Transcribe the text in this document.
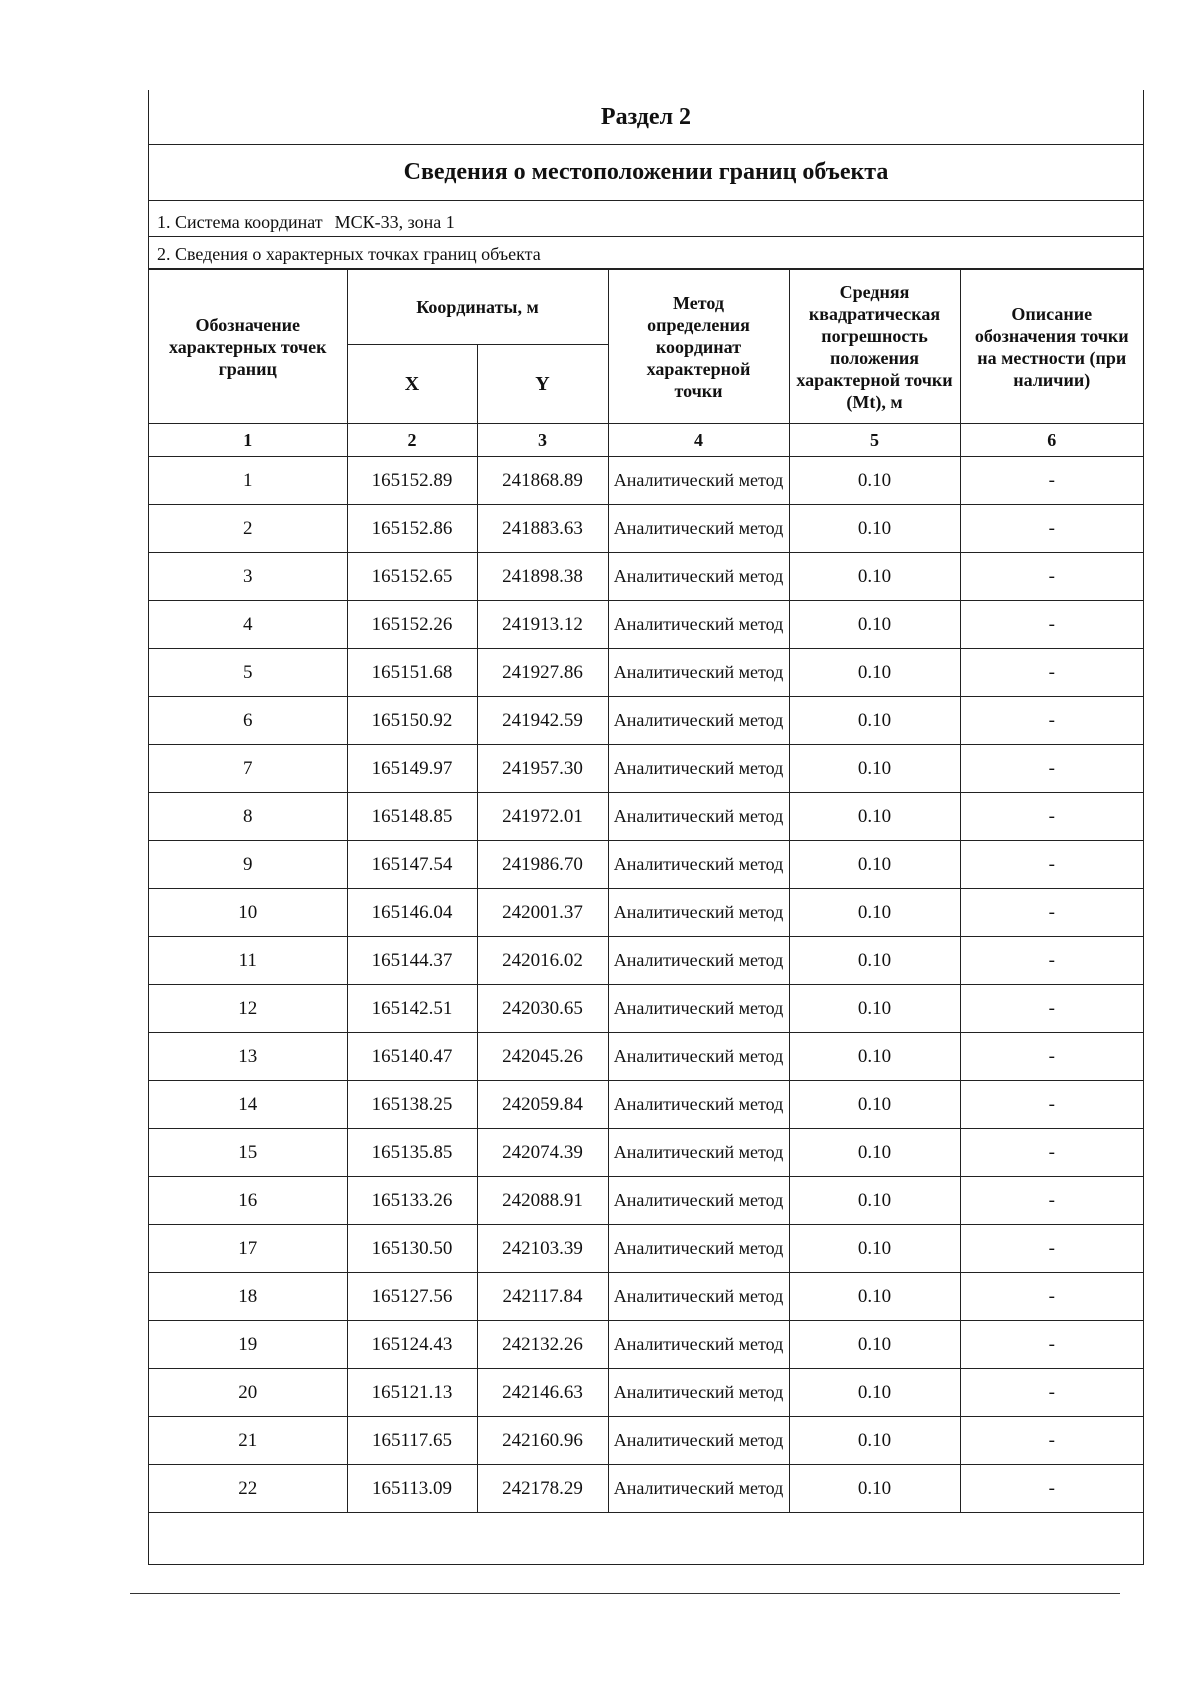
Раздел 2
Сведения о местоположении границ объекта
1. Система координат МСК-33, зона 1
2. Сведения о характерных точках границ объекта
Обозначение характерных точек границ	Координаты, м		Метод определения координат характерной точки	Средняя квадратическая погрешность положения характерной точки (Mt), м	Описание обозначения точки на местности (при наличии)
	X	Y			
1	2	3	4	5	6
1	165152.89	241868.89	Аналитический метод	0.10	-
2	165152.86	241883.63	Аналитический метод	0.10	-
3	165152.65	241898.38	Аналитический метод	0.10	-
4	165152.26	241913.12	Аналитический метод	0.10	-
5	165151.68	241927.86	Аналитический метод	0.10	-
6	165150.92	241942.59	Аналитический метод	0.10	-
7	165149.97	241957.30	Аналитический метод	0.10	-
8	165148.85	241972.01	Аналитический метод	0.10	-
9	165147.54	241986.70	Аналитический метод	0.10	-
10	165146.04	242001.37	Аналитический метод	0.10	-
11	165144.37	242016.02	Аналитический метод	0.10	-
12	165142.51	242030.65	Аналитический метод	0.10	-
13	165140.47	242045.26	Аналитический метод	0.10	-
14	165138.25	242059.84	Аналитический метод	0.10	-
15	165135.85	242074.39	Аналитический метод	0.10	-
16	165133.26	242088.91	Аналитический метод	0.10	-
17	165130.50	242103.39	Аналитический метод	0.10	-
18	165127.56	242117.84	Аналитический метод	0.10	-
19	165124.43	242132.26	Аналитический метод	0.10	-
20	165121.13	242146.63	Аналитический метод	0.10	-
21	165117.65	242160.96	Аналитический метод	0.10	-
22	165113.09	242178.29	Аналитический метод	0.10	-
